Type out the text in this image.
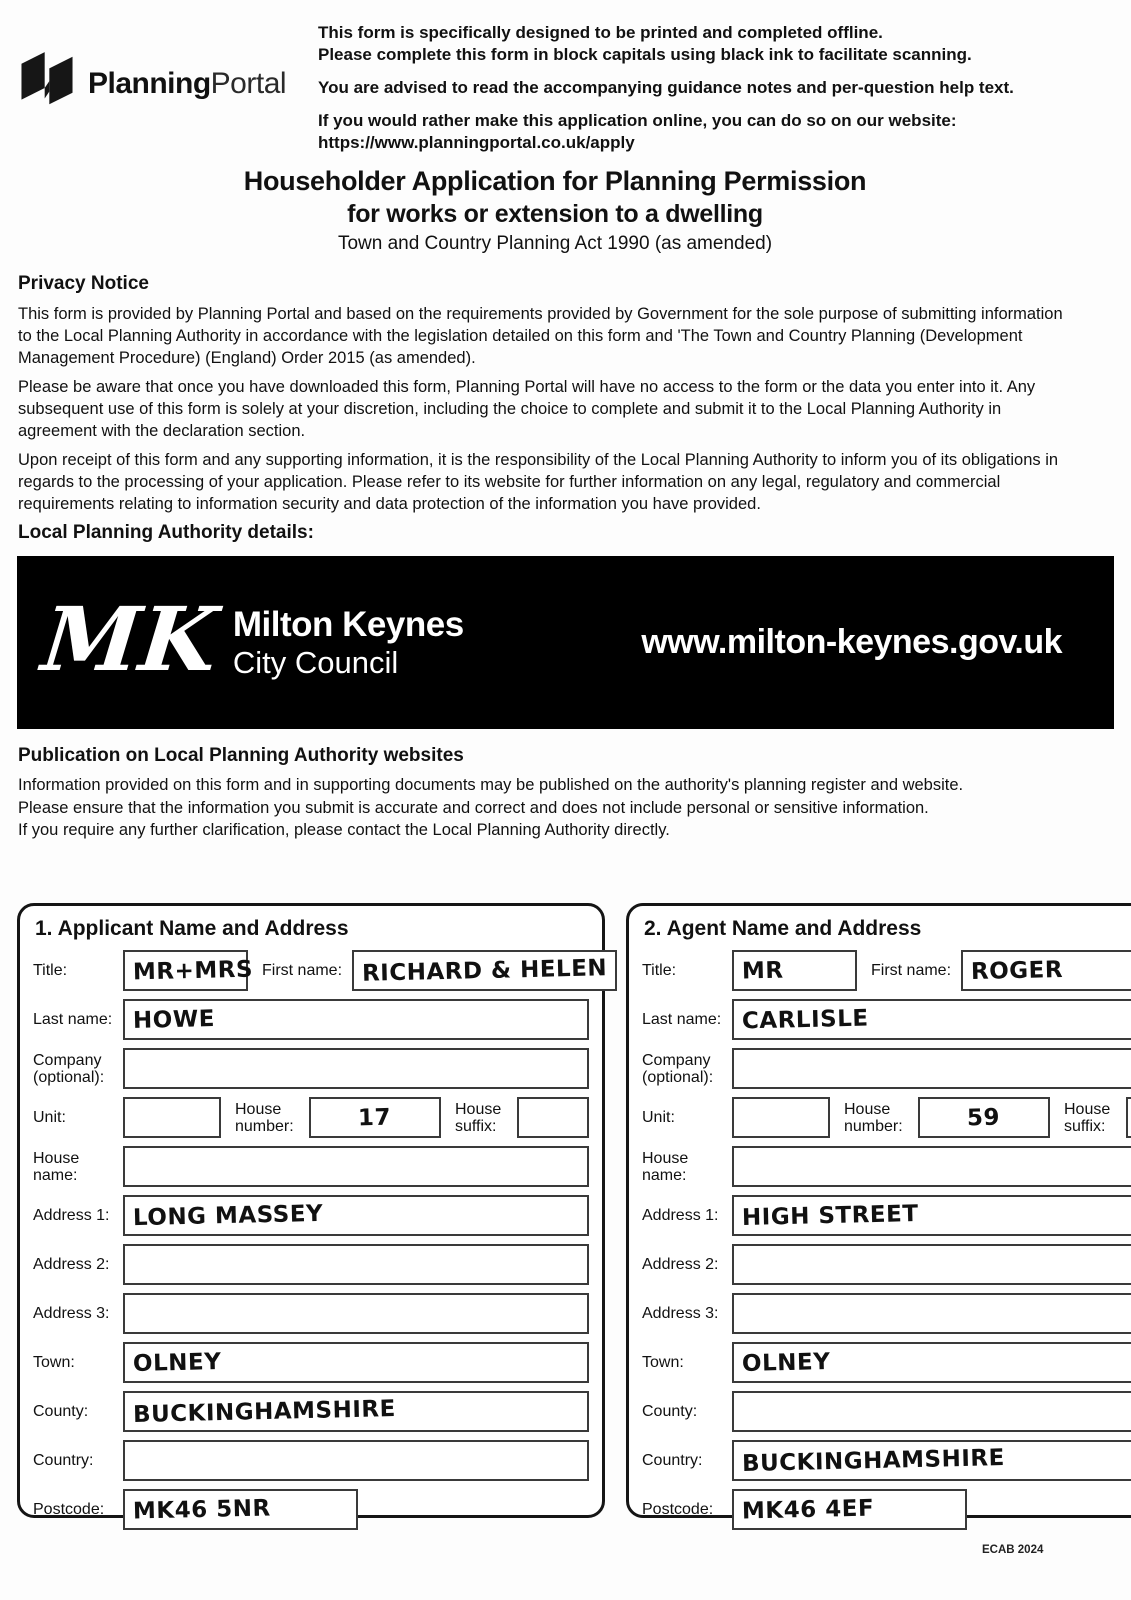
PlanningPortal
This form is specifically designed to be printed and completed offline.
Please complete this form in block capitals using black ink to facilitate scanning.
You are advised to read the accompanying guidance notes and per-question help text.
If you would rather make this application online, you can do so on our website:
https://www.planningportal.co.uk/apply
Householder Application for Planning Permission
for works or extension to a dwelling
Town and Country Planning Act 1990 (as amended)
Privacy Notice
This form is provided by Planning Portal and based on the requirements provided by Government for the sole purpose of submitting information to the Local Planning Authority in accordance with the legislation detailed on this form and 'The Town and Country Planning (Development Management Procedure) (England) Order 2015 (as amended).
Please be aware that once you have downloaded this form, Planning Portal will have no access to the form or the data you enter into it. Any subsequent use of this form is solely at your discretion, including the choice to complete and submit it to the Local Planning Authority in agreement with the declaration section.
Upon receipt of this form and any supporting information, it is the responsibility of the Local Planning Authority to inform you of its obligations in regards to the processing of your application. Please refer to its website for further information on any legal, regulatory and commercial requirements relating to information security and data protection of the information you have provided.
Local Planning Authority details:
MK Milton Keynes
City Council
www.milton-keynes.gov.uk
Publication on Local Planning Authority websites
Information provided on this form and in supporting documents may be published on the authority's planning register and website.
Please ensure that the information you submit is accurate and correct and does not include personal or sensitive information.
If you require any further clarification, please contact the Local Planning Authority directly.
1. Applicant Name and Address
Title:	MR+MRS First name: RICHARD & HELEN
Last name: HOWE
Company (optional):
Unit:	House number:	17	House suffix:
House name:
Address 1:	LONG MASSEY
Address 2:
Address 3:
Town:	OLNEY
County:	BUCKINGHAMSHIRE
Country:
Postcode:	MK46 5NR
2. Agent Name and Address
Title:	MR	First name: ROGER
Last name: CARLISLE
Company (optional):
Unit:	House number:	59	House suffix:
House name:
Address 1:	HIGH STREET
Address 2:
Address 3:
Town:	OLNEY
County:
Country:	BUCKINGHAMSHIRE
Postcode:	MK46 4EF
ECAB 2024
